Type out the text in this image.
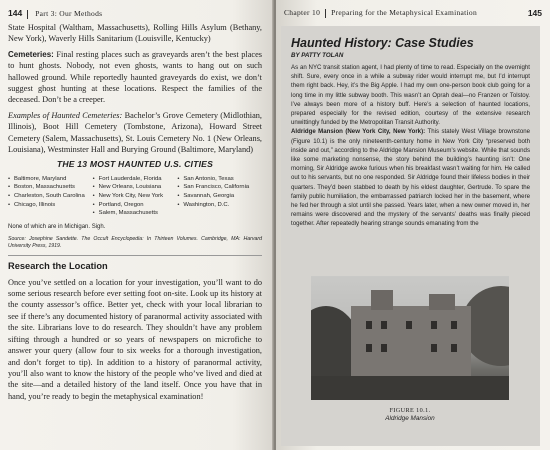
144 Part 3: Our Methods

State Hospital (Waltham, Massachusetts), Rolling Hills Asylum (Bethany, New York), Waverly Hills Sanitarium (Louisville, Kentucky)

Cemeteries: Final resting places such as graveyards aren’t the best places to hunt ghosts. Nobody, not even ghosts, wants to hang out on such hallowed ground. While reportedly haunted graveyards do exist, we don’t suggest ghost hunting at these locations. Respect the families of the deceased. Don’t be a creeper.

Examples of Haunted Cemeteries: Bachelor’s Grove Cemetery (Midlothian, Illinois), Boot Hill Cemetery (Tombstone, Arizona), Howard Street Cemetery (Salem, Massachusetts), St. Louis Cemetery No. 1 (New Orleans, Louisiana), Westminster Hall and Burying Ground (Baltimore, Maryland)

THE 13 MOST HAUNTED U.S. CITIES
• Baltimore, Maryland
• Boston, Massachusetts
• Charleston, South Carolina
• Chicago, Illinois
• Fort Lauderdale, Florida
• New Orleans, Louisiana
• New York City, New York
• Portland, Oregon
• Salem, Massachusetts
• San Antonio, Texas
• San Francisco, California
• Savannah, Georgia
• Washington, D.C.
None of which are in Michigan. Sigh.
Source: Josephine Sandette. The Occult Encyclopedia: In Thirteen Volumes. Cambridge, MA: Harvard University Press, 1919.
Research the Location

Once you’ve settled on a location for your investigation, you’ll want to do some serious research before ever setting foot on-site. Look up its history at the county assessor’s office. Better yet, check with your local librarian to see if there’s any documented history of paranormal activity associated with the site. Librarians love to do research. They shouldn’t have any problem sifting through a hundred or so years of newspapers on microfiche to answer your query (allow four to six weeks for a thorough investigation, and don’t forget to tip). In addition to a history of paranormal activity, you’ll also want to know the history of the people who’ve lived and died at the site—and a detailed history of the land itself. Once you have that in hand, you’re ready to begin the metaphysical examination!

Chapter 10 Preparing for the Metaphysical Examination	145
Haunted History: Case Studies
BY PATTY TOLAN

As an NYC transit station agent, I had plenty of time to read. Especially on the overnight shift. Sure, every once in a while a subway rider would interrupt me, but I’d interrupt them right back. Hey, it’s the Big Apple. I had my own one-person book club going for a long time in my little subway booth. This wasn’t an Oprah deal—no Franzen or Tolstoy. I’ve always been more of a history buff. Here’s a selection of haunted locations, prepared especially for the revised edition, courtesy of the extensive research unwittingly funded by the Metropolitan Transit Authority.

Aldridge Mansion (New York City, New York): This stately West Village brownstone (Figure 10.1) is the only nineteenth-century home in New York City “preserved both inside and out,” according to the Aldridge Mansion Museum’s website. While that sounds like some marketing nonsense, the story behind the building’s haunting isn’t: One morning, Sir Aldridge awoke furious when his breakfast wasn’t waiting for him. He called out to his servants, but no one responded. Sir Aldridge found their lifeless bodies in their quarters. They’d been stabbed to death by his eldest daughter, Gertrude. To spare the family public humiliation, the embarrassed patriarch locked her in the basement, where he fed her through a slot until she passed. Years later, when a new owner moved in, her remains were discovered and the mystery of the servants’ deaths was finally pieced together. After repeatedly hearing strange sounds emanating from the

FIGURE 10.1.
Aldridge Mansion
